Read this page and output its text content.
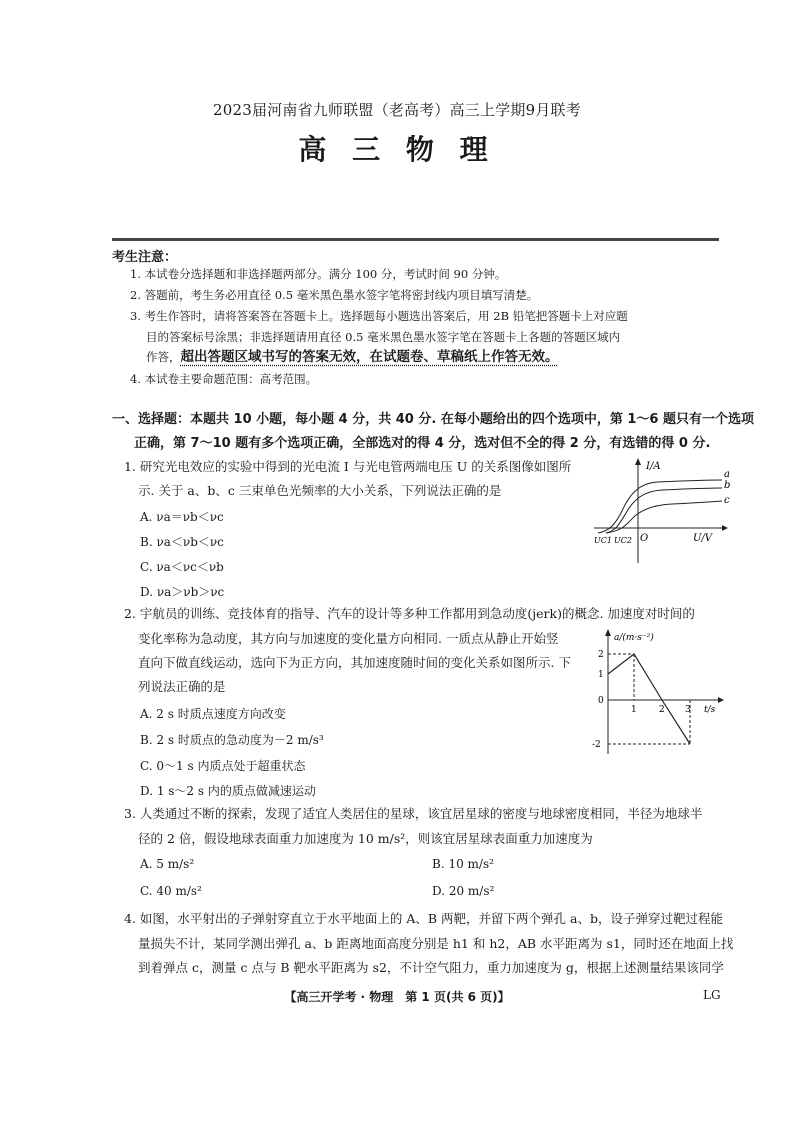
2023届河南省九师联盟（老高考）高三上学期9月联考
高 三 物 理
考生注意：
1. 本试卷分选择题和非选择题两部分。满分 100 分，考试时间 90 分钟。
2. 答题前，考生务必用直径 0.5 毫米黑色墨水签字笔将密封线内项目填写清楚。
3. 考生作答时，请将答案答在答题卡上。选择题每小题选出答案后，用 2B 铅笔把答题卡上对应题
目的答案标号涂黑；非选择题请用直径 0.5 毫米黑色墨水签字笔在答题卡上各题的答题区域内
作答，超出答题区域书写的答案无效，在试题卷、草稿纸上作答无效。
4. 本试卷主要命题范围：高考范围。
一、选择题：本题共 10 小题，每小题 4 分，共 40 分. 在每小题给出的四个选项中，第 1～6 题只有一个选项
正确，第 7～10 题有多个选项正确，全部选对的得 4 分，选对但不全的得 2 分，有选错的得 0 分.
1. 研究光电效应的实验中得到的光电流 I 与光电管两端电压 U 的关系图像如图所
示. 关于 a、b、c 三束单色光频率的大小关系，下列说法正确的是
A. νa＝νb＜νc
B. νa＜νb＜νc
C. νa＜νc＜νb
D. νa＞νb＞νc
I/A
U/V
O
a
b
c
UC1 UC2
2. 宇航员的训练、竞技体育的指导、汽车的设计等多种工作都用到急动度(jerk)的概念. 加速度对时间的
变化率称为急动度，其方向与加速度的变化量方向相同. 一质点从静止开始竖
直向下做直线运动，选向下为正方向，其加速度随时间的变化关系如图所示. 下
列说法正确的是
A. 2 s 时质点速度方向改变
B. 2 s 时质点的急动度为－2 m/s³
C. 0～1 s 内质点处于超重状态
D. 1 s～2 s 内的质点做减速运动
a/(m·s⁻²)
t/s
2
1
0
-2
1 2 3
3. 人类通过不断的探索，发现了适宜人类居住的星球，该宜居星球的密度与地球密度相同，半径为地球半
径的 2 倍，假设地球表面重力加速度为 10 m/s²，则该宜居星球表面重力加速度为
A. 5 m/s²	B. 10 m/s²
C. 40 m/s²	D. 20 m/s²
4. 如图，水平射出的子弹射穿直立于水平地面上的 A、B 两靶，并留下两个弹孔 a、b，设子弹穿过靶过程能
量损失不计，某同学测出弹孔 a、b 距离地面高度分别是 h1 和 h2，AB 水平距离为 s1，同时还在地面上找
到着弹点 c，测量 c 点与 B 靶水平距离为 s2，不计空气阻力，重力加速度为 g，根据上述测量结果该同学
【高三开学考 · 物理　第 1 页(共 6 页)】	LG
